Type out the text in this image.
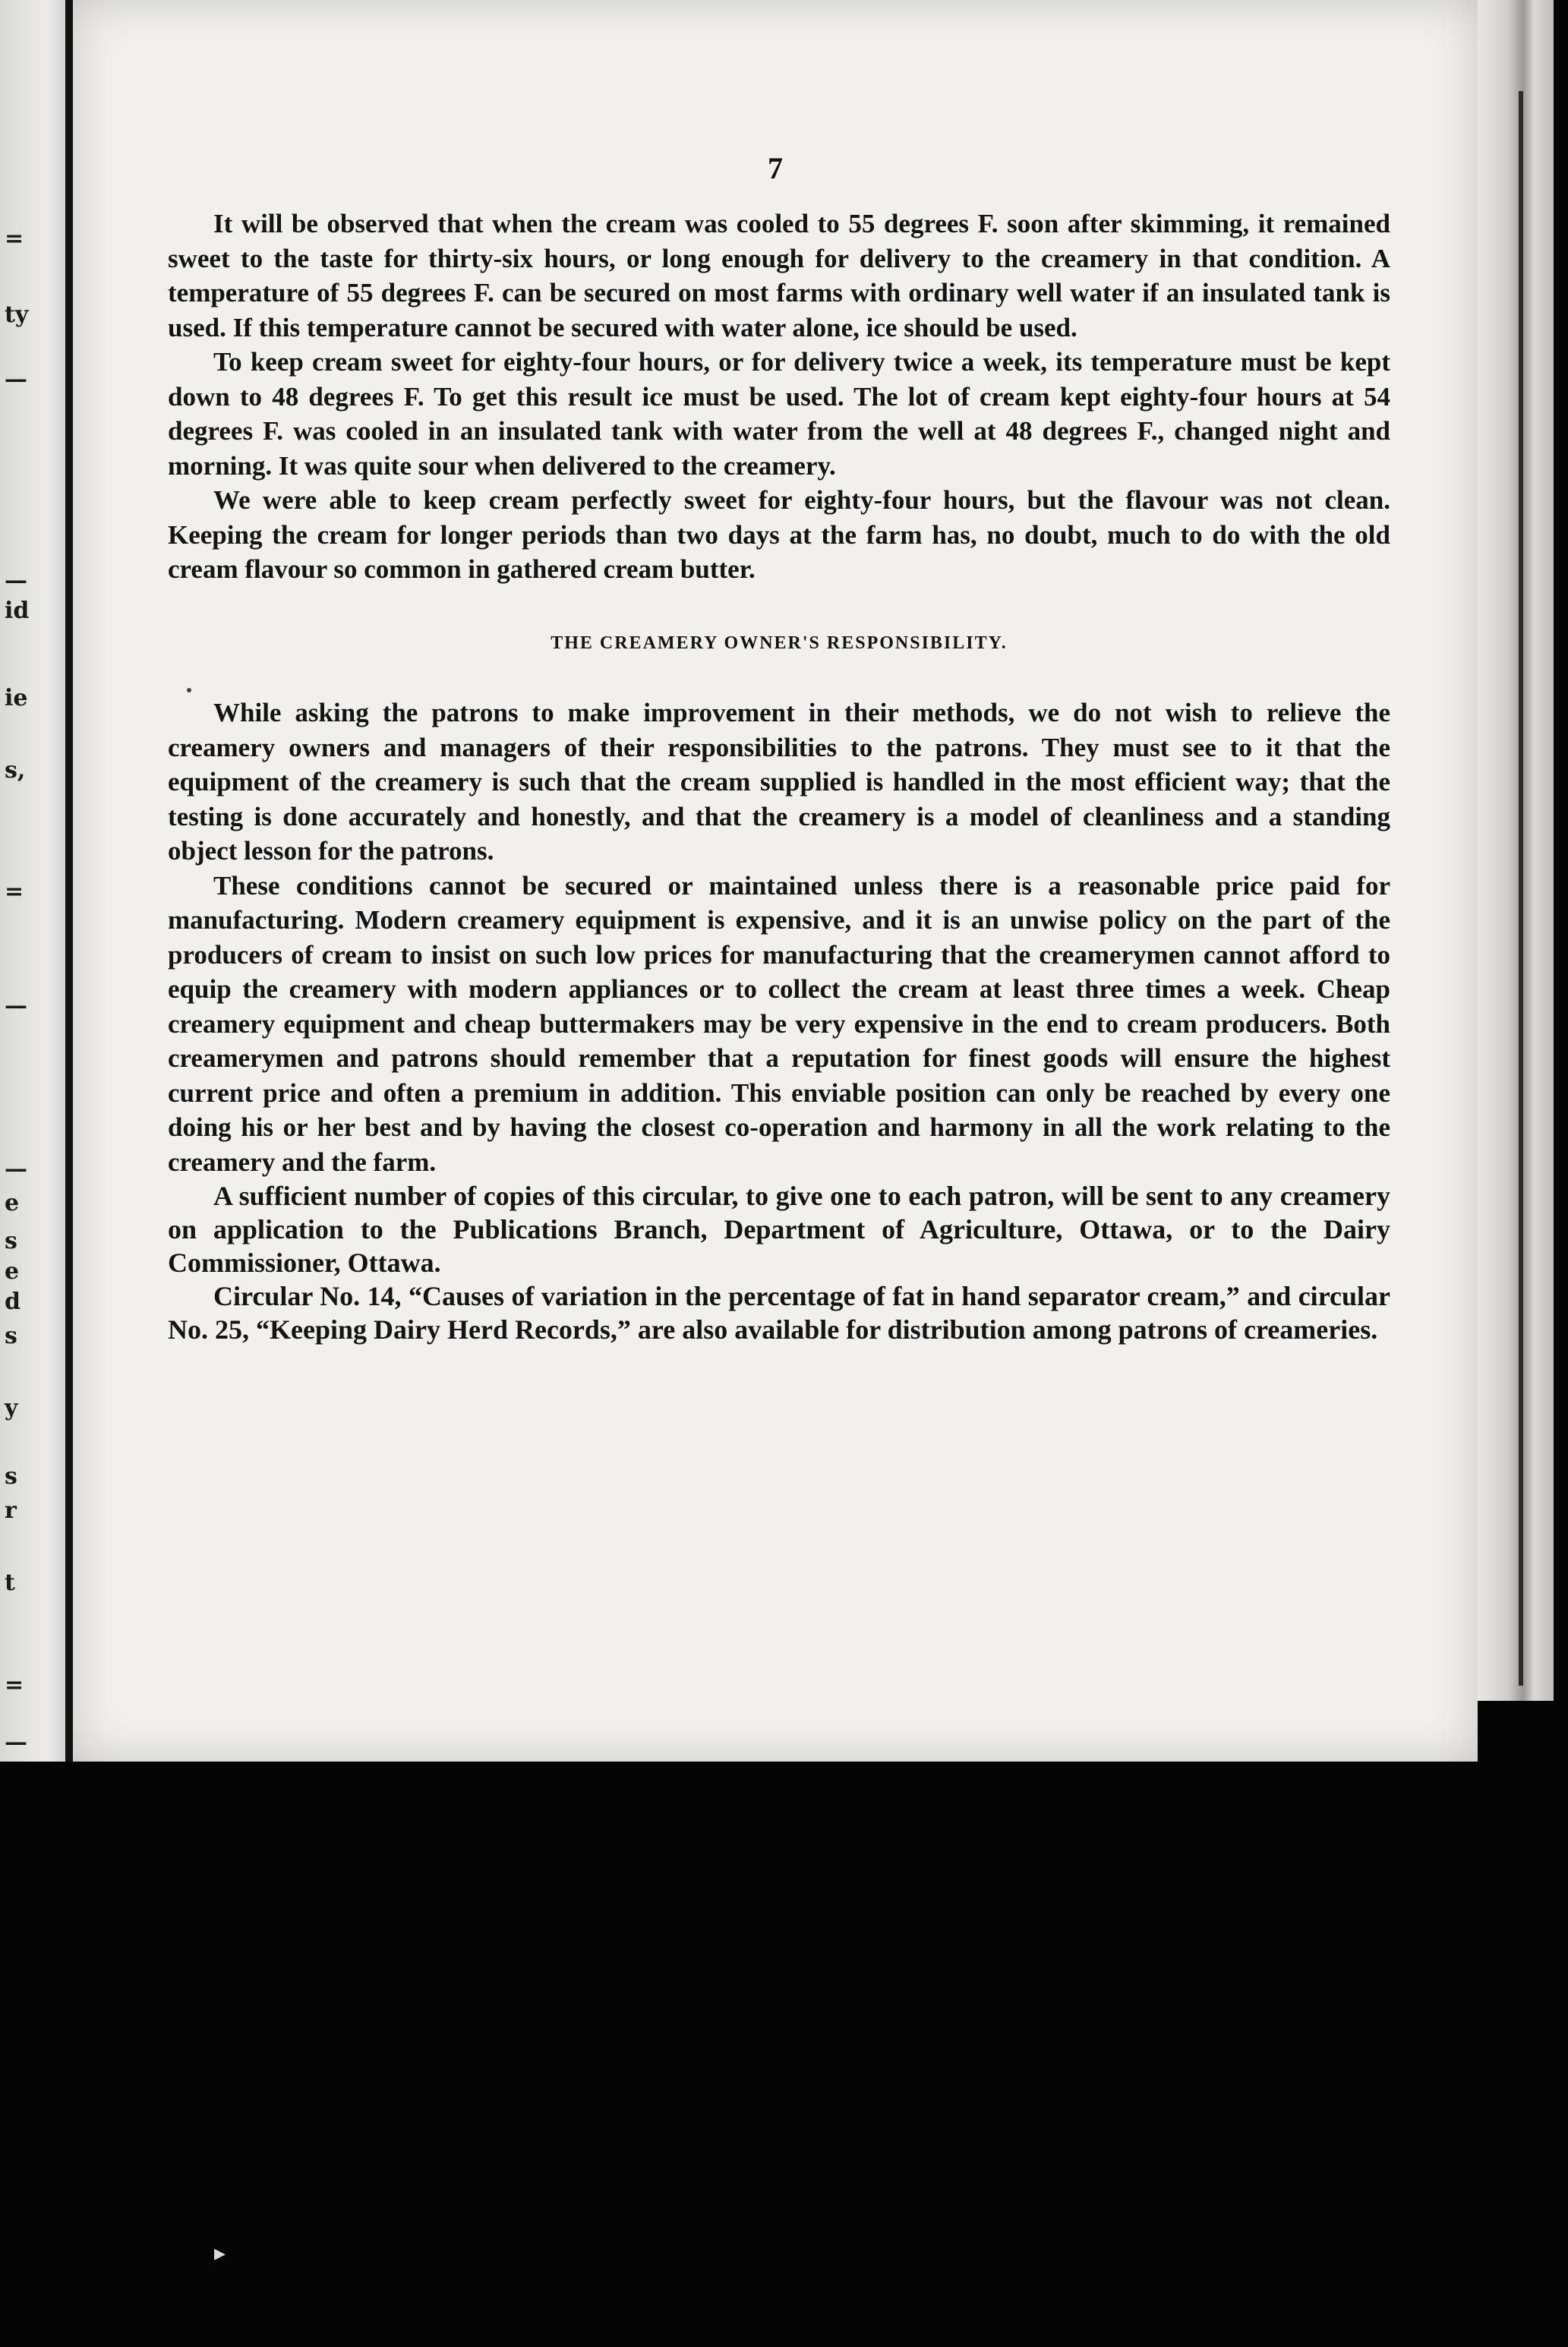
=
ty
—
—
id
ie
s,
=
—
—
e
s
e
d
s
y
s
r
t
=
—
7

It will be observed that when the cream was cooled to 55 degrees F. soon after skimming, it remained sweet to the taste for thirty-six hours, or long enough for delivery to the creamery in that condition. A temperature of 55 degrees F. can be secured on most farms with ordinary well water if an insulated tank is used. If this temperature cannot be secured with water alone, ice should be used.

To keep cream sweet for eighty-four hours, or for delivery twice a week, its temperature must be kept down to 48 degrees F. To get this result ice must be used. The lot of cream kept eighty-four hours at 54 degrees F. was cooled in an insulated tank with water from the well at 48 degrees F., changed night and morning. It was quite sour when delivered to the creamery.

We were able to keep cream perfectly sweet for eighty-four hours, but the flavour was not clean. Keeping the cream for longer periods than two days at the farm has, no doubt, much to do with the old cream flavour so common in gathered cream butter.

THE CREAMERY OWNER'S RESPONSIBILITY.

While asking the patrons to make improvement in their methods, we do not wish to relieve the creamery owners and managers of their responsibilities to the patrons. They must see to it that the equipment of the creamery is such that the cream supplied is handled in the most efficient way; that the testing is done accurately and honestly, and that the creamery is a model of cleanliness and a standing object lesson for the patrons.

These conditions cannot be secured or maintained unless there is a reasonable price paid for manufacturing. Modern creamery equipment is expensive, and it is an unwise policy on the part of the producers of cream to insist on such low prices for manufacturing that the creamerymen cannot afford to equip the creamery with modern appliances or to collect the cream at least three times a week. Cheap creamery equipment and cheap buttermakers may be very expensive in the end to cream producers. Both creamerymen and patrons should remember that a reputation for finest goods will ensure the highest current price and often a premium in addition. This enviable position can only be reached by every one doing his or her best and by having the closest co-operation and harmony in all the work relating to the creamery and the farm.

A sufficient number of copies of this circular, to give one to each patron, will be sent to any creamery on application to the Publications Branch, Department of Agriculture, Ottawa, or to the Dairy Commissioner, Ottawa.

Circular No. 14, “Causes of variation in the percentage of fat in hand separator cream,” and circular No. 25, “Keeping Dairy Herd Records,” are also available for distribution among patrons of creameries.

▸
